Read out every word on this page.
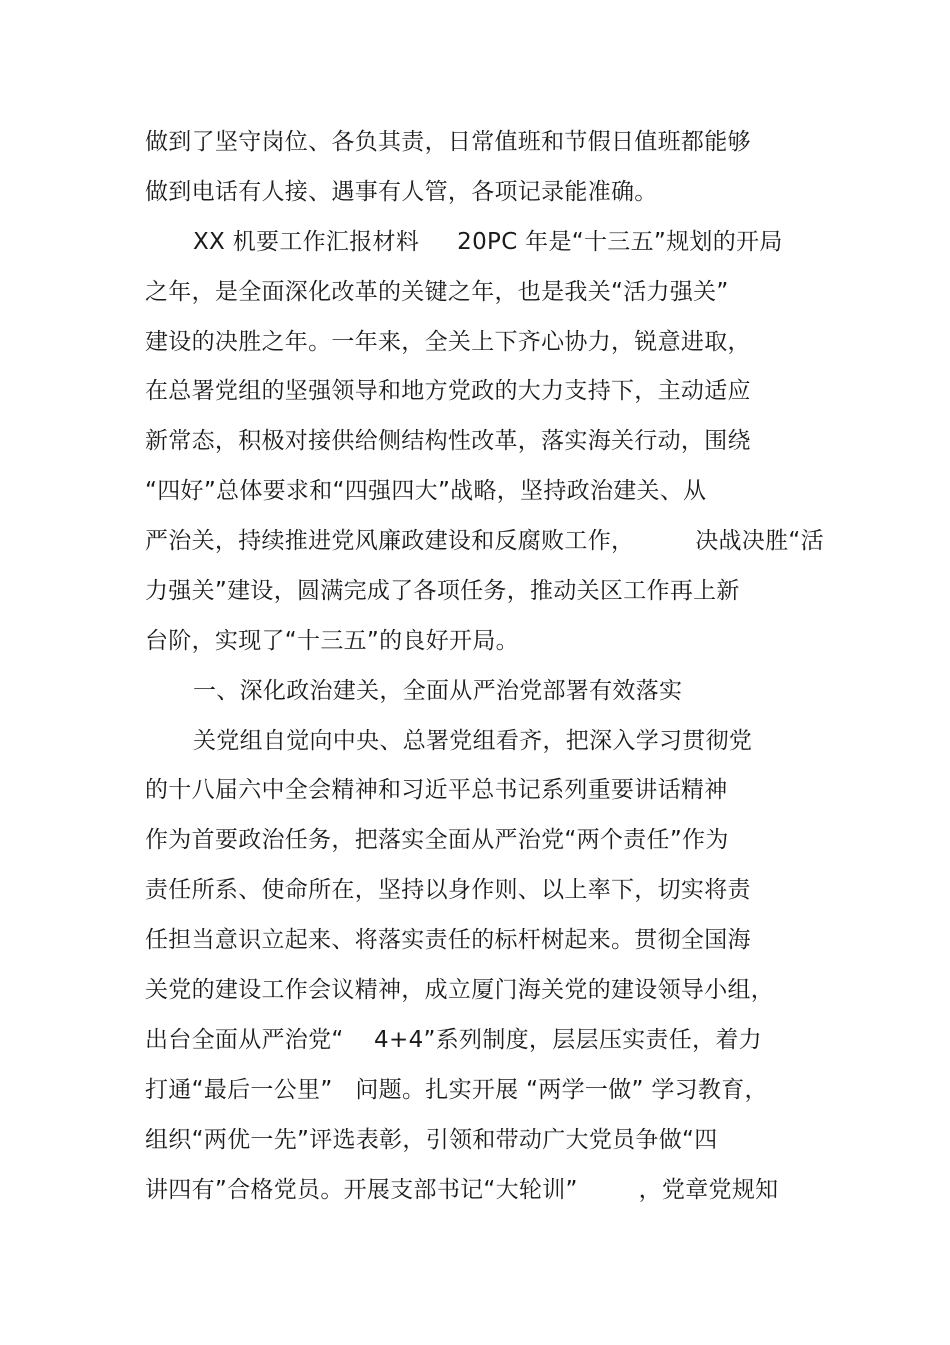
做到了坚守岗位、各负其责，日常值班和节假日值班都能够
做到电话有人接、遇事有人管，各项记录能准确。
XX 机要工作汇报材料     20PC 年是“十三五”规划的开局
之年，是全面深化改革的关键之年，也是我关“活力强关”
建设的决胜之年。一年来，全关上下齐心协力，锐意进取，
在总署党组的坚强领导和地方党政的大力支持下，主动适应
新常态，积极对接供给侧结构性改革，落实海关行动，围绕
“四好”总体要求和“四强四大”战略，坚持政治建关、从
严治关，持续推进党风廉政建设和反腐败工作，        决战决胜“活
力强关”建设，圆满完成了各项任务，推动关区工作再上新
台阶，实现了“十三五”的良好开局。
一、深化政治建关，全面从严治党部署有效落实
关党组自觉向中央、总署党组看齐，把深入学习贯彻党
的十八届六中全会精神和习近平总书记系列重要讲话精神
作为首要政治任务，把落实全面从严治党“两个责任”作为
责任所系、使命所在，坚持以身作则、以上率下，切实将责
任担当意识立起来、将落实责任的标杆树起来。贯彻全国海
关党的建设工作会议精神，成立厦门海关党的建设领导小组，
出台全面从严治党“    4+4”系列制度，层层压实责任，着力
打通“最后一公里”   问题。扎实开展 “两学一做” 学习教育，
组织“两优一先”评选表彰，引领和带动广大党员争做“四
讲四有”合格党员。开展支部书记“大轮训”        ，党章党规知
